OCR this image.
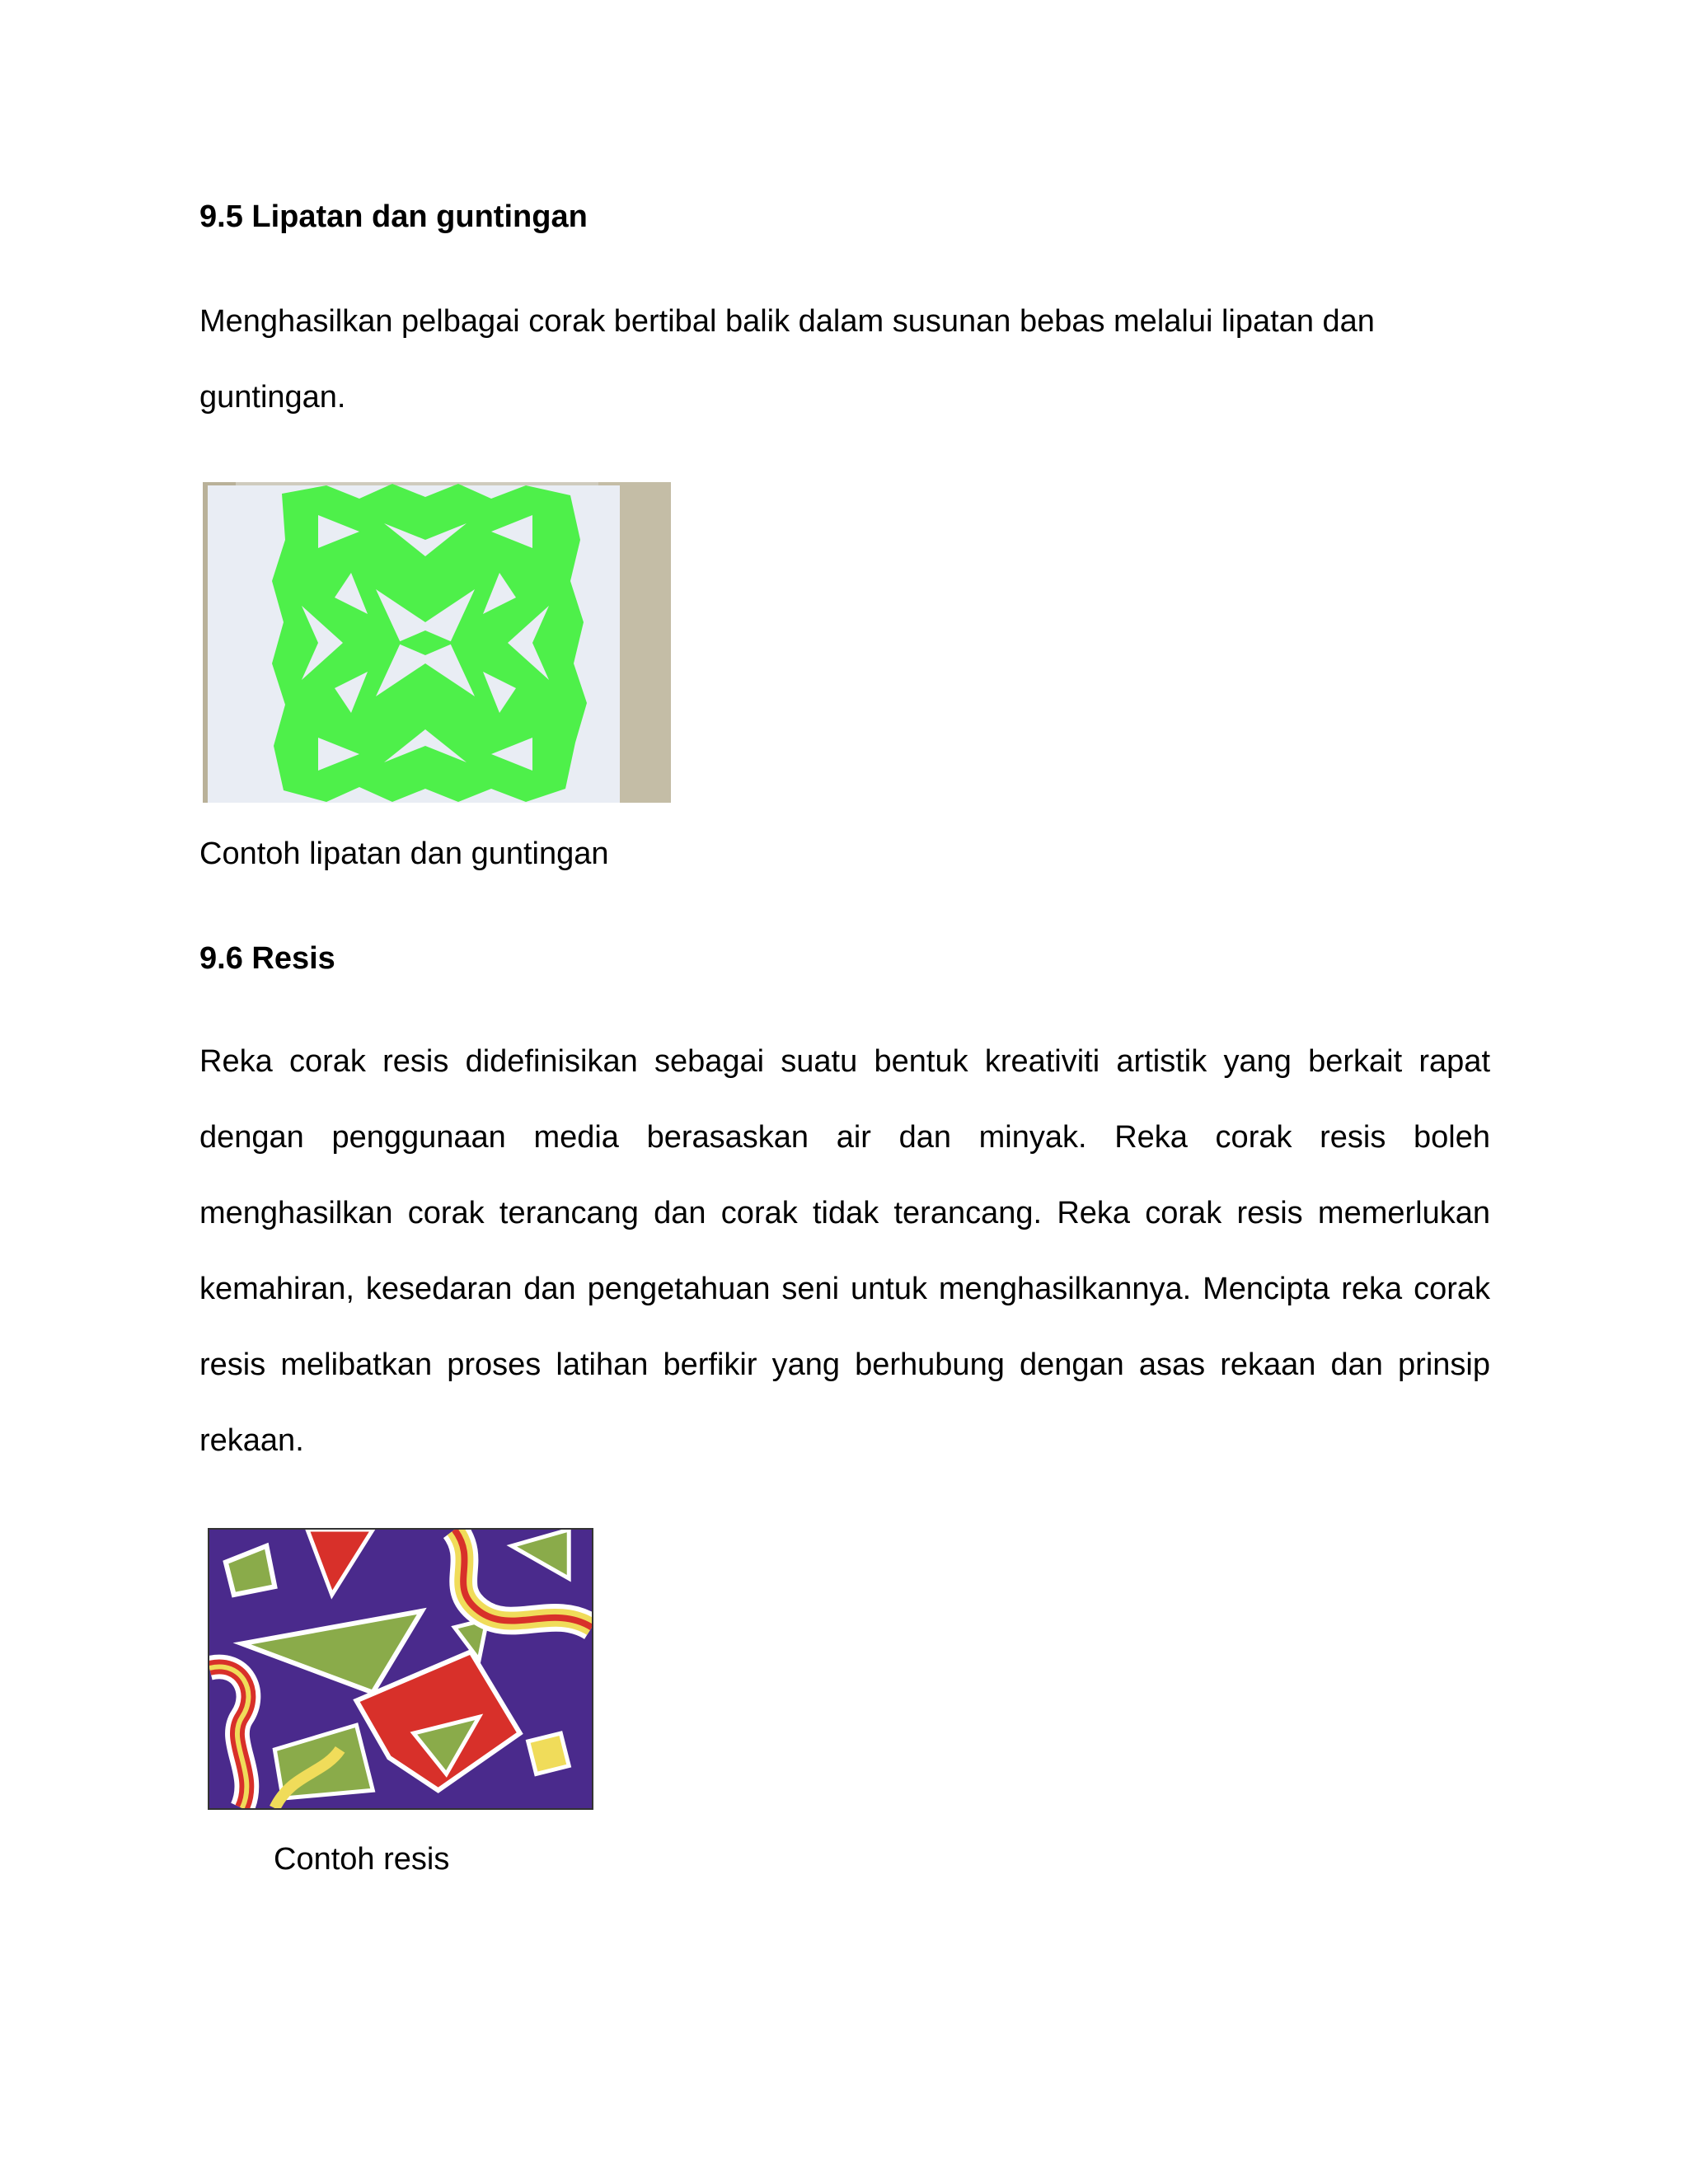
9.5 Lipatan dan guntingan

Menghasilkan pelbagai corak bertibal balik dalam susunan bebas melalui lipatan dan guntingan.

Contoh lipatan dan guntingan

9.6 Resis

Reka corak resis didefinisikan sebagai suatu bentuk kreativiti artistik yang berkait rapat dengan penggunaan media berasaskan air dan minyak. Reka corak resis boleh menghasilkan corak terancang dan corak tidak terancang. Reka corak resis memerlukan kemahiran, kesedaran dan pengetahuan seni untuk menghasilkannya. Mencipta reka corak resis melibatkan proses latihan berfikir yang berhubung dengan asas rekaan dan prinsip rekaan.

Contoh resis
